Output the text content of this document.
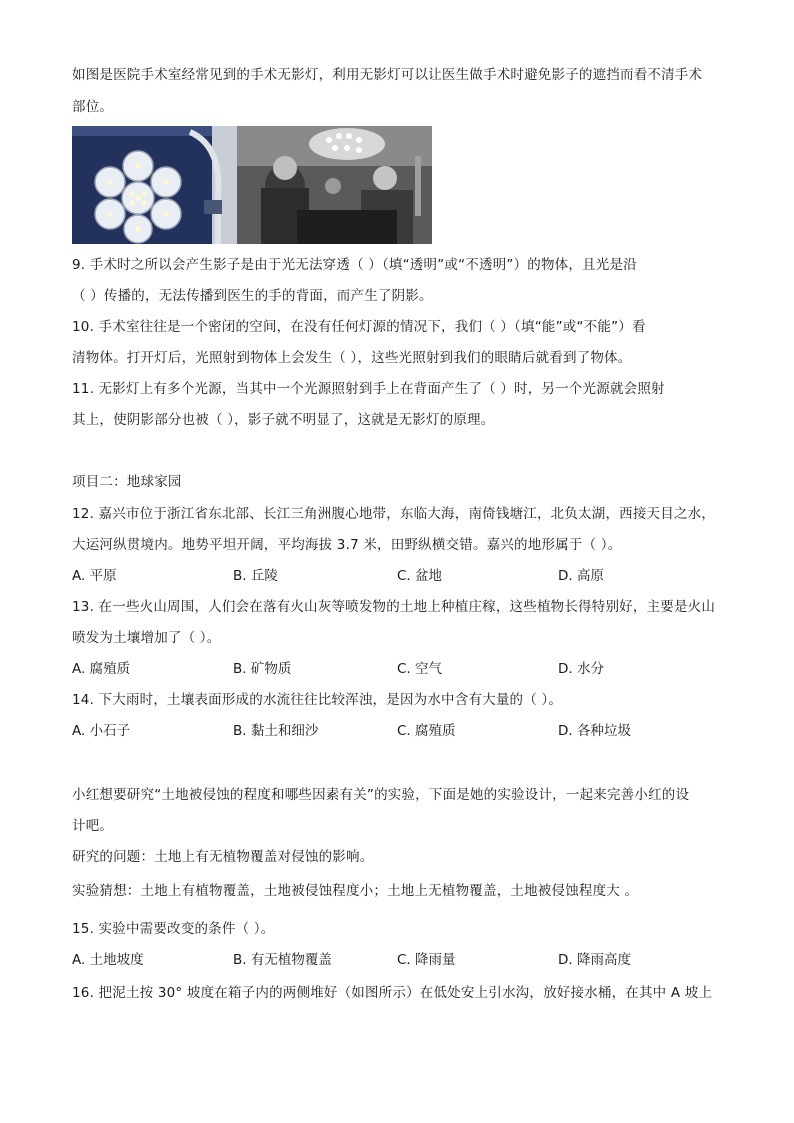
如图是医院手术室经常见到的手术无影灯，利用无影灯可以让医生做手术时避免影子的遮挡而看不清手术
部位。
9. 手术时之所以会产生影子是由于光无法穿透（ ）（填“透明”或“不透明”）的物体，且光是沿
（ ）传播的，无法传播到医生的手的背面，而产生了阴影。
10. 手术室往往是一个密闭的空间，在没有任何灯源的情况下，我们（ ）（填“能”或“不能”）看
清物体。打开灯后，光照射到物体上会发生（ ），这些光照射到我们的眼睛后就看到了物体。
11. 无影灯上有多个光源，当其中一个光源照射到手上在背面产生了（ ）时，另一个光源就会照射
其上，使阴影部分也被（ ），影子就不明显了，这就是无影灯的原理。
项目二：地球家园
12. 嘉兴市位于浙江省东北部、长江三角洲腹心地带，东临大海，南倚钱塘江，北负太湖，西接天目之水，
大运河纵贯境内。地势平坦开阔，平均海拔 3.7 米，田野纵横交错。嘉兴的地形属于（ ）。
A. 平原	B. 丘陵	C. 盆地	D. 高原
13. 在一些火山周围，人们会在落有火山灰等喷发物的土地上种植庄稼，这些植物长得特别好，主要是火山
喷发为土壤增加了（ ）。
A. 腐殖质	B. 矿物质	C. 空气	D. 水分
14. 下大雨时，土壤表面形成的水流往往比较浑浊，是因为水中含有大量的（ ）。
A. 小石子	B. 黏土和细沙	C. 腐殖质	D. 各种垃圾
小红想要研究“土地被侵蚀的程度和哪些因素有关”的实验，下面是她的实验设计，一起来完善小红的设
计吧。
研究的问题：土地上有无植物覆盖对侵蚀的影响。
实验猜想：土地上有植物覆盖，土地被侵蚀程度小；土地上无植物覆盖，土地被侵蚀程度大 。
15. 实验中需要改变的条件（ ）。
A. 土地坡度	B. 有无植物覆盖	C. 降雨量	D. 降雨高度
16. 把泥土按 30° 坡度在箱子内的两侧堆好（如图所示）在低处安上引水沟，放好接水桶，在其中 A 坡上
